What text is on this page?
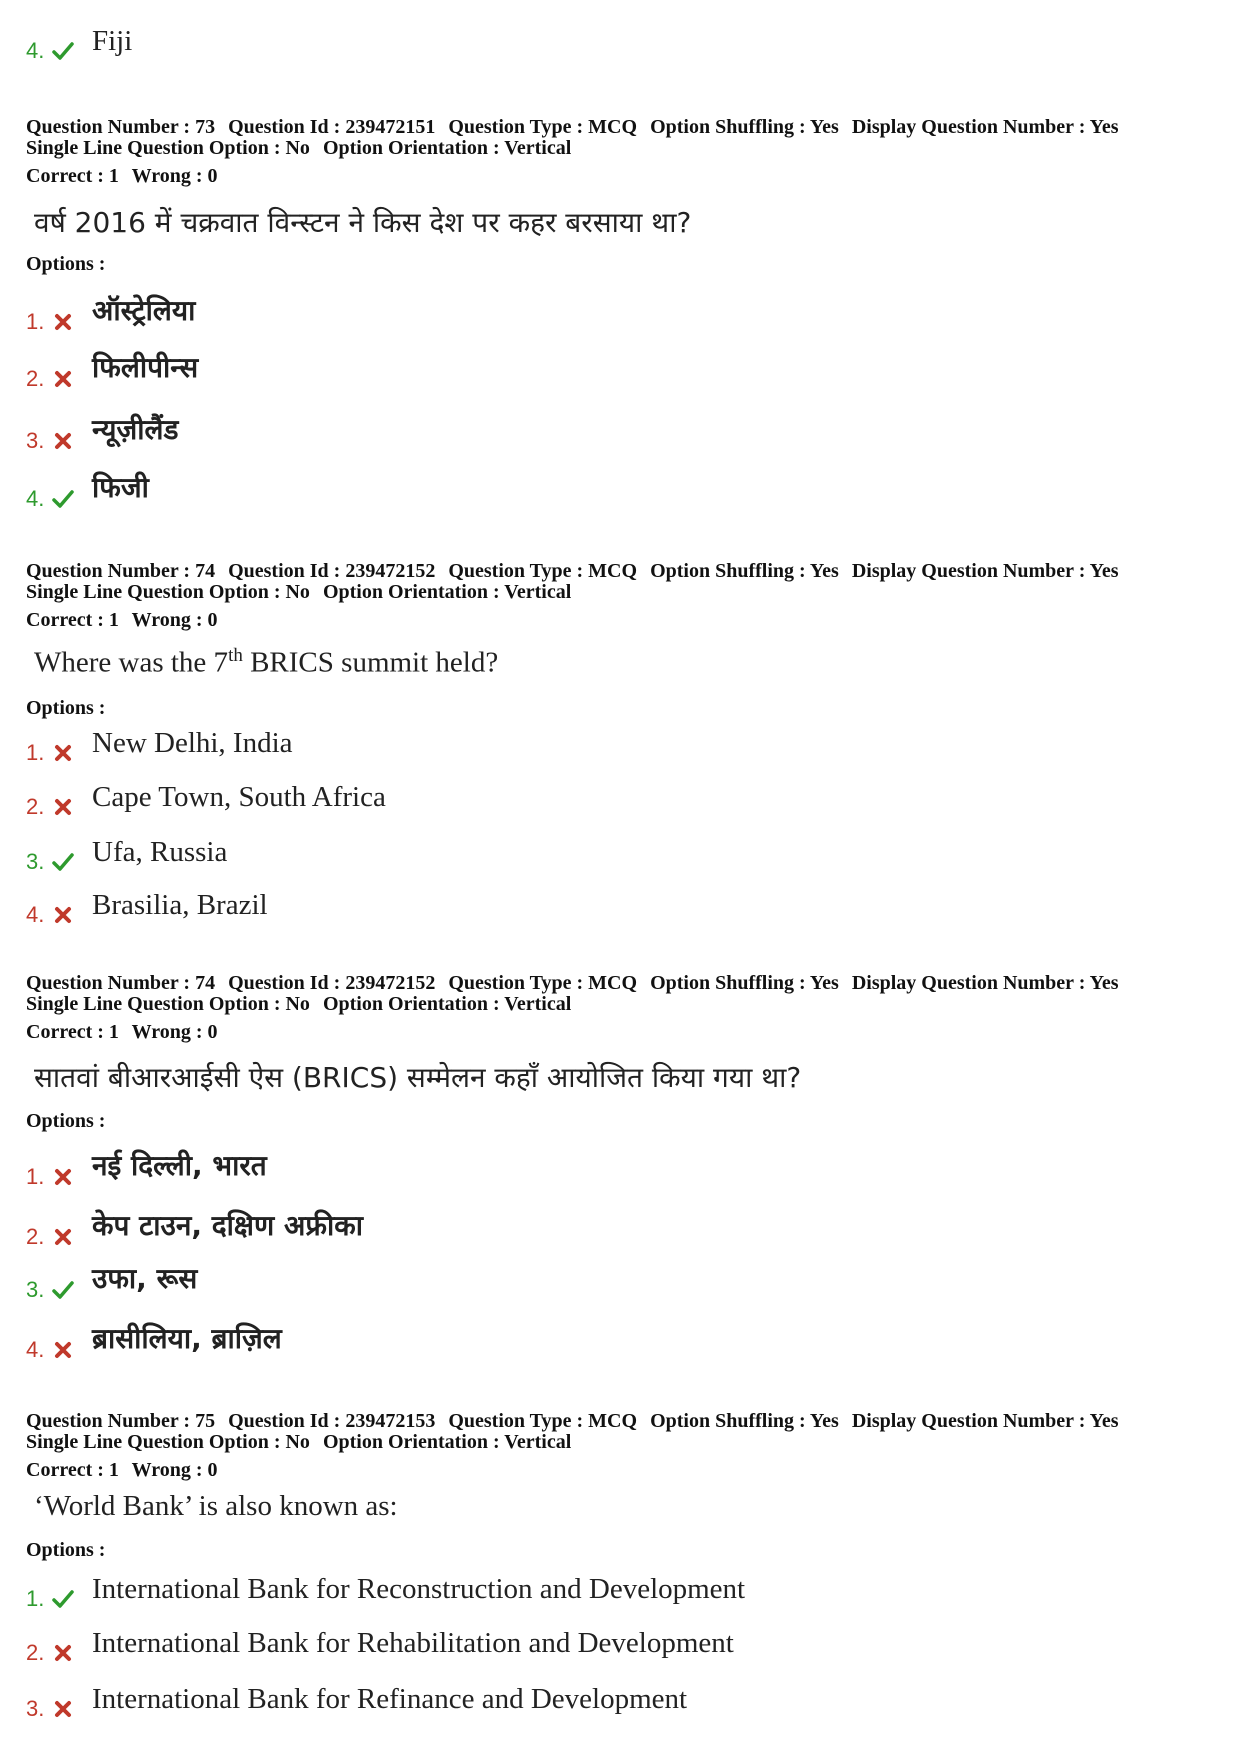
4. Fiji
Question Number : 73 Question Id : 239472151 Question Type : MCQ Option Shuffling : Yes Display Question Number : Yes
Single Line Question Option : No Option Orientation : Vertical
Correct : 1 Wrong : 0
वर्ष 2016 में चक्रवात विन्स्टन ने किस देश पर कहर बरसाया था?
Options :
1. ऑस्ट्रेलिया
2. फिलीपीन्स
3. न्यूज़ीलैंड
4. फिजी
Question Number : 74 Question Id : 239472152 Question Type : MCQ Option Shuffling : Yes Display Question Number : Yes
Single Line Question Option : No Option Orientation : Vertical
Correct : 1 Wrong : 0
Where was the 7th BRICS summit held?
Options :
1. New Delhi, India
2. Cape Town, South Africa
3. Ufa, Russia
4. Brasilia, Brazil
Question Number : 74 Question Id : 239472152 Question Type : MCQ Option Shuffling : Yes Display Question Number : Yes
Single Line Question Option : No Option Orientation : Vertical
Correct : 1 Wrong : 0
सातवां बीआरआईसी ऐस (BRICS) सम्मेलन कहाँ आयोजित किया गया था?
Options :
1. नई दिल्ली, भारत
2. केप टाउन, दक्षिण अफ्रीका
3. उफा, रूस
4. ब्रासीलिया, ब्राज़िल
Question Number : 75 Question Id : 239472153 Question Type : MCQ Option Shuffling : Yes Display Question Number : Yes
Single Line Question Option : No Option Orientation : Vertical
Correct : 1 Wrong : 0
‘World Bank’ is also known as:
Options :
1. International Bank for Reconstruction and Development
2. International Bank for Rehabilitation and Development
3. International Bank for Refinance and Development
